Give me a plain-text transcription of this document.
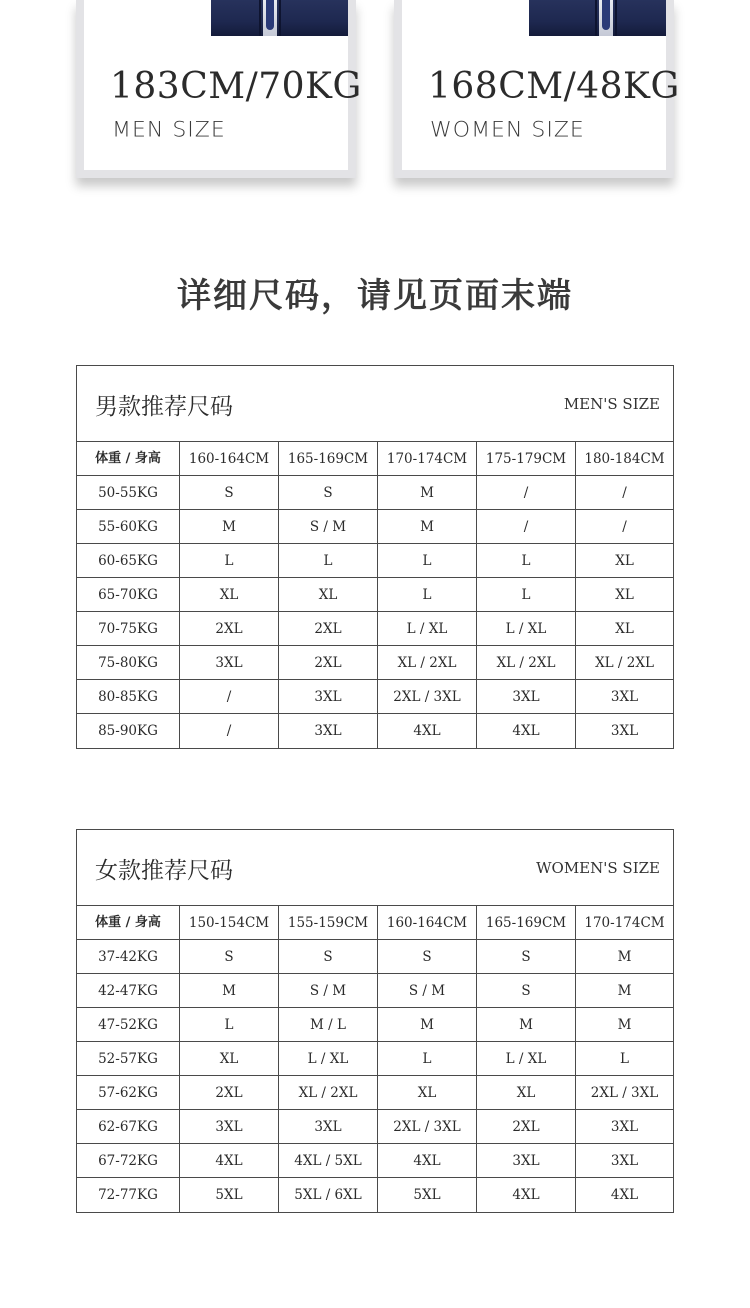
183CM/70KG
MEN SIZE
168CM/48KG
WOMEN SIZE
详细尺码，请见页面末端
男款推荐尺码	MEN'S SIZE
体重 / 身高	160-164CM	165-169CM	170-174CM	175-179CM	180-184CM
50-55KG	S	S	M	/	/
55-60KG	M	S / M	M	/	/
60-65KG	L	L	L	L	XL
65-70KG	XL	XL	L	L	XL
70-75KG	2XL	2XL	L / XL	L / XL	XL
75-80KG	3XL	2XL	XL / 2XL	XL / 2XL	XL / 2XL
80-85KG	/	3XL	2XL / 3XL	3XL	3XL
85-90KG	/	3XL	4XL	4XL	3XL
女款推荐尺码	WOMEN'S SIZE
体重 / 身高	150-154CM	155-159CM	160-164CM	165-169CM	170-174CM
37-42KG	S	S	S	S	M
42-47KG	M	S / M	S / M	S	M
47-52KG	L	M / L	M	M	M
52-57KG	XL	L / XL	L	L / XL	L
57-62KG	2XL	XL / 2XL	XL	XL	2XL / 3XL
62-67KG	3XL	3XL	2XL / 3XL	2XL	3XL
67-72KG	4XL	4XL / 5XL	4XL	3XL	3XL
72-77KG	5XL	5XL / 6XL	5XL	4XL	4XL
